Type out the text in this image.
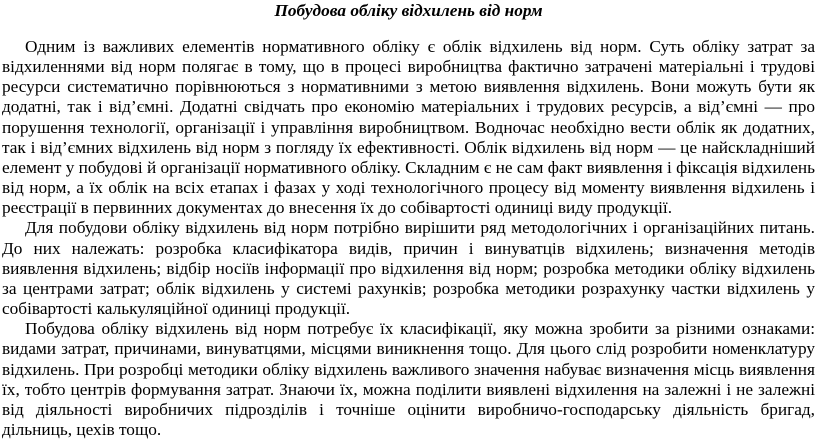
Побудова обліку відхилень від норм

Одним із важливих елементів нормативного обліку є облік відхилень від норм. Суть обліку затрат за відхиленнями від норм полягає в тому, що в процесі виробництва фактично затрачені матеріальні і трудові ресурси систематично порівнюються з нормативними з метою виявлення відхилень. Вони можуть бути як додатні, так і від’ємні. Додатні свідчать про економію матеріальних і трудових ресурсів, а від’ємні — про порушення технології, організації і управління виробництвом. Водночас необхідно вести облік як додатних, так і від’ємних відхилень від норм з погляду їх ефективності. Облік відхилень від норм — це найскладніший елемент у побудові й організації нормативного обліку. Складним є не сам факт виявлення і фіксація відхилень від норм, а їх облік на всіх етапах і фазах у ході технологічного процесу від моменту виявлення відхилень і реєстрації в первинних документах до внесення їх до собівартості одиниці виду продукції.

Для побудови обліку відхилень від норм потрібно вирішити ряд методологічних і організаційних питань. До них належать: розробка класифікатора видів, причин і винуватців відхилень; визначення методів виявлення відхилень; відбір носіїв інформації про відхилення від норм; розробка методики обліку відхилень за центрами затрат; облік відхилень у системі рахунків; розробка методики розрахунку частки відхилень у собівартості калькуляційної одиниці продукції.

Побудова обліку відхилень від норм потребує їх класифікації, яку можна зробити за різними ознаками: видами затрат, причинами, винуватцями, місцями виникнення тощо. Для цього слід розробити номенклатуру відхилень. При розробці методики обліку відхилень важливого значення набуває визначення місць виявлення їх, тобто центрів формування затрат. Знаючи їх, можна поділити виявлені відхилення на залежні і не залежні від діяльності виробничих підрозділів і точніше оцінити виробничо-господарську діяльність бригад, дільниць, цехів тощо.
